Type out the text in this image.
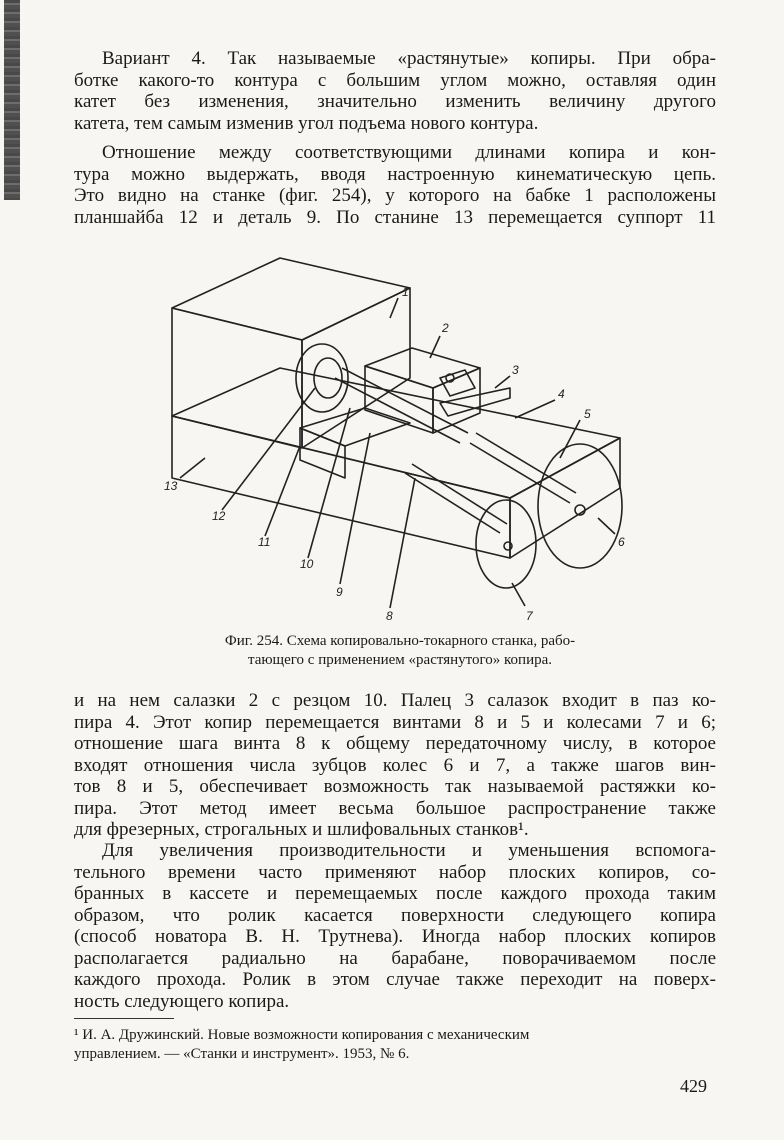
Вариант 4. Так называемые «растянутые» копиры. При обра-
ботке какого-то контура с большим углом можно, оставляя один
катет без изменения, значительно изменить величину другого
катета, тем самым изменив угол подъема нового контура.
Отношение между соответствующими длинами копира и кон-
тура можно выдержать, вводя настроенную кинематическую цепь.
Это видно на станке (фиг. 254), у которого на бабке 1 расположены
планшайба 12 и деталь 9. По станине 13 перемещается суппорт 11
1
2
3
4
5
6
7
8
9
10
11
12
13
Фиг. 254. Схема копировально-токарного станка, рабо-
тающего с применением «растянутого» копира.
и на нем салазки 2 с резцом 10. Палец 3 салазок входит в паз ко-
пира 4. Этот копир перемещается винтами 8 и 5 и колесами 7 и 6;
отношение шага винта 8 к общему передаточному числу, в которое
входят отношения числа зубцов колес 6 и 7, а также шагов вин-
тов 8 и 5, обеспечивает возможность так называемой растяжки ко-
пира. Этот метод имеет весьма большое распространение также
для фрезерных, строгальных и шлифовальных станков¹.
Для увеличения производительности и уменьшения вспомога-
тельного времени часто применяют набор плоских копиров, со-
бранных в кассете и перемещаемых после каждого прохода таким
образом, что ролик касается поверхности следующего копира
(способ новатора В. Н. Трутнева). Иногда набор плоских копиров
располагается радиально на барабане, поворачиваемом после
каждого прохода. Ролик в этом случае также переходит на поверх-
ность следующего копира.
¹ И. А. Дружинский. Новые возможности копирования с механическим
управлением. — «Станки и инструмент». 1953, № 6.
429
